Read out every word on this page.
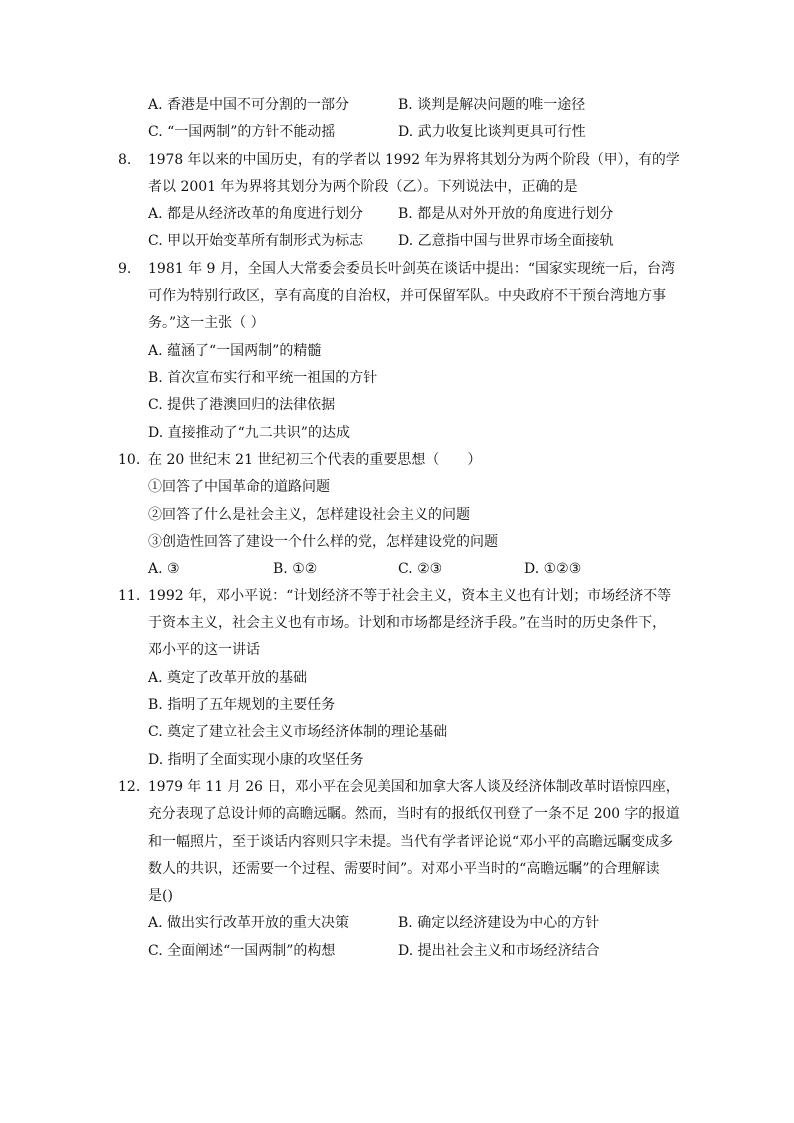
A. 香港是中国不可分割的一部分	B. 谈判是解决问题的唯一途径
C. “一国两制”的方针不能动摇	D. 武力收复比谈判更具可行性
8. 1978 年以来的中国历史，有的学者以 1992 年为界将其划分为两个阶段（甲），有的学
者以 2001 年为界将其划分为两个阶段（乙）。下列说法中，正确的是
A. 都是从经济改革的角度进行划分 B. 都是从对外开放的角度进行划分
C. 甲以开始变革所有制形式为标志 D. 乙意指中国与世界市场全面接轨
9. 1981 年 9 月，全国人大常委会委员长叶剑英在谈话中提出：“国家实现统一后，台湾
可作为特别行政区，享有高度的自治权，并可保留军队。中央政府不干预台湾地方事
务。”这一主张（ ）
A. 蕴涵了“一国两制”的精髓
B. 首次宣布实行和平统一祖国的方针
C. 提供了港澳回归的法律依据
D. 直接推动了“九二共识”的达成
10. 在 20 世纪末 21 世纪初三个代表的重要思想（　　）
①回答了中国革命的道路问题
②回答了什么是社会主义，怎样建设社会主义的问题
③创造性回答了建设一个什么样的党，怎样建设党的问题
A. ③	B. ①②	C. ②③	D. ①②③
11. 1992 年，邓小平说：“计划经济不等于社会主义，资本主义也有计划；市场经济不等
于资本主义，社会主义也有市场。计划和市场都是经济手段。”在当时的历史条件下，
邓小平的这一讲话
A. 奠定了改革开放的基础
B. 指明了五年规划的主要任务
C. 奠定了建立社会主义市场经济体制的理论基础
D. 指明了全面实现小康的攻坚任务
12. 1979 年 11 月 26 日，邓小平在会见美国和加拿大客人谈及经济体制改革时语惊四座，
充分表现了总设计师的高瞻远瞩。然而，当时有的报纸仅刊登了一条不足 200 字的报道
和一幅照片，至于谈话内容则只字未提。当代有学者评论说“邓小平的高瞻远瞩变成多
数人的共识，还需要一个过程、需要时间”。对邓小平当时的“高瞻远瞩”的合理解读
是()
A. 做出实行改革开放的重大决策	B. 确定以经济建设为中心的方针
C. 全面阐述“一国两制”的构想	D. 提出社会主义和市场经济结合
